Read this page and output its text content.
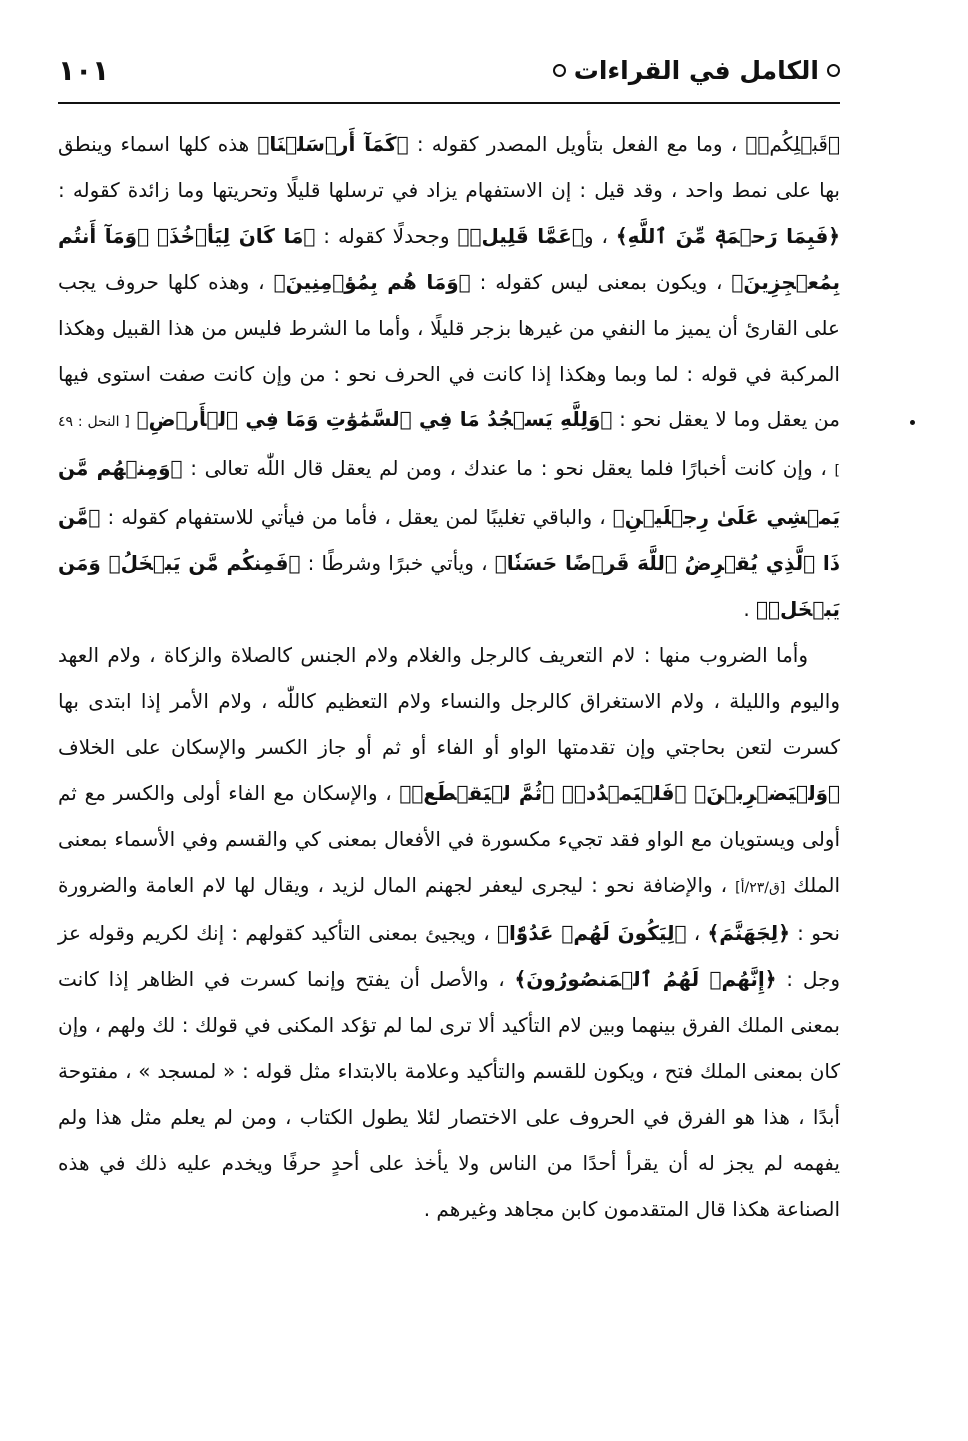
الكامل في القراءات
١٠١

﴿قَبۡلِكُمۡ﴾ ، وما مع الفعل بتأويل المصدر كقوله : ﴿كَمَآ أَرۡسَلۡنَا﴾ هذه كلها اسماء وينطق بها على نمط واحد ، وقد قيل : إن الاستفهام يزاد في ترسلها قليلًا وتحريتها وما زائدة كقوله : ﴿فَبِمَا رَحۡمَةٖ مِّنَ ٱللَّهِ﴾ ، و﴿عَمَّا قَلِيلٖ﴾ وجحدلًا كقوله : ﴿مَا كَانَ لِيَأۡخُذَ﴾ ﴿وَمَآ أَنتُم بِمُعۡجِزِينَ﴾ ، ويكون بمعنى ليس كقوله : ﴿وَمَا هُم بِمُؤۡمِنِينَ﴾ ، وهذه كلها حروف يجب على القارئ أن يميز ما النفي من غيرها بزجر قليلًا ، وأما ما الشرط فليس من هذا القبيل وهكذا المركبة في قوله : لما وبما وهكذا إذا كانت في الحرف نحو : من وإن كانت صفت استوى فيها من يعقل وما لا يعقل نحو : ﴿وَلِلَّهِ يَسۡجُدُ مَا فِي ٱلسَّمَٰوَٰتِ وَمَا فِي ٱلۡأَرۡضِ﴾ [ النحل : ٤٩ ] ، وإن كانت أخبارًا فلما يعقل نحو : ما عندك ، ومن لم يعقل قال اللّٰه تعالى : ﴿وَمِنۡهُم مَّن يَمۡشِي عَلَىٰ رِجۡلَيۡنِ﴾ ، والباقي تغليبًا لمن يعقل ، فأما من فيأتي للاستفهام كقوله : ﴿مَّن ذَا ٱلَّذِي يُقۡرِضُ ٱللَّهَ قَرۡضًا حَسَنٗا﴾ ، ويأتي خبرًا وشرطًا : ﴿فَمِنكُم مَّن يَبۡخَلُۖ وَمَن يَبۡخَلۡ﴾ .

وأما الضروب منها : لام التعريف كالرجل والغلام ولام الجنس كالصلاة والزكاة ، ولام العهد واليوم والليلة ، ولام الاستغراق كالرجل والنساء ولام التعظيم كاللّٰه ، ولام الأمر إذا ابتدى بها كسرت لتعن بحاجتي وإن تقدمتها الواو أو الفاء أو ثم أو جاز الكسر والإسكان على الخلاف ﴿وَلۡيَضۡرِبۡنَ﴾ ﴿فَلۡيَمۡدُدۡ﴾ ﴿ثُمَّ لۡيَقۡطَعۡ﴾ ، والإسكان مع الفاء أولى والكسر مع ثم أولى ويستويان مع الواو فقد تجيء مكسورة في الأفعال بمعنى كي والقسم وفي الأسماء بمعنى الملك [ق/٢٣/أ] ، والإضافة نحو : ليجرى ليعفر لجهنم المال لزيد ، ويقال لها لام العامة والضرورة نحو : ﴿لِجَهَنَّمَ﴾ ، ﴿لِيَكُونَ لَهُمۡ عَدُوّٗا﴾ ، ويجيئ بمعنى التأكيد كقولهم : إنك لكريم وقوله عز وجل : ﴿إِنَّهُمۡ لَهُمُ ٱلۡمَنصُورُونَ﴾ ، والأصل أن يفتح وإنما كسرت في الظاهر إذا كانت بمعنى الملك الفرق بينهما وبين لام التأكيد ألا ترى لما لم تؤكد المكنى في قولك : لك ولهم ، وإن كان بمعنى الملك فتح ، ويكون للقسم والتأكيد وعلامة بالابتداء مثل قوله : « لمسجد » ، مفتوحة أبدًا ، هذا هو الفرق في الحروف على الاختصار لئلا يطول الكتاب ، ومن لم يعلم مثل هذا ولم يفهمه لم يجز له أن يقرأ أحدًا من الناس ولا يأخذ على أحدٍ حرفًا ويخدم عليه ذلك في هذه الصناعة هكذا قال المتقدمون كابن مجاهد وغيرهم .
